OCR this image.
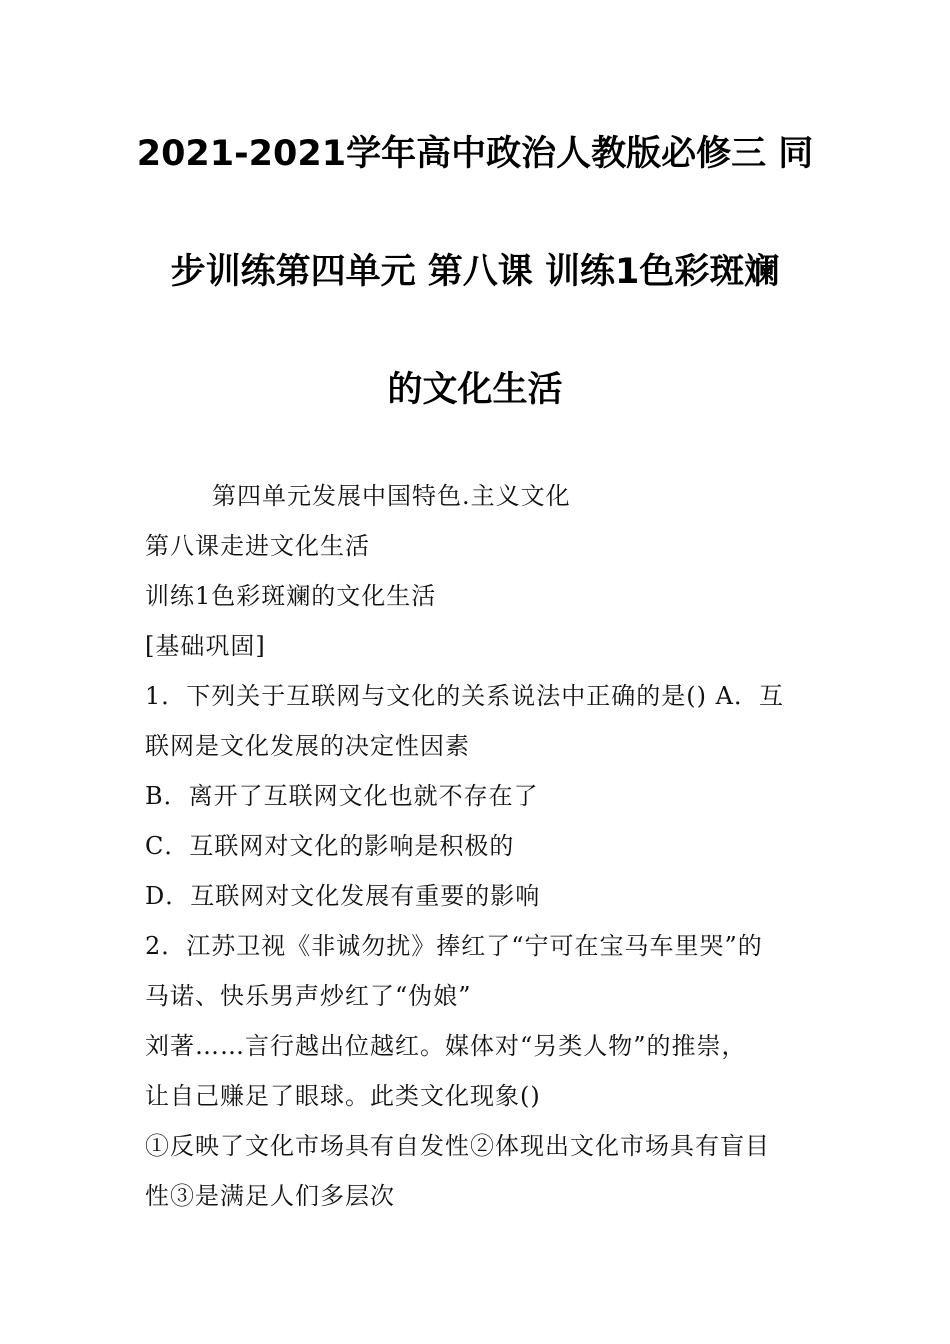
2021-2021学年高中政治人教版必修三 同
步训练第四单元 第八课 训练1色彩斑斓
的文化生活
第四单元发展中国特色.主义文化
第八课走进文化生活
训练1色彩斑斓的文化生活
[基础巩固]
1．下列关于互联网与文化的关系说法中正确的是() A．互
联网是文化发展的决定性因素
B．离开了互联网文化也就不存在了
C．互联网对文化的影响是积极的
D．互联网对文化发展有重要的影响
2．江苏卫视《非诚勿扰》捧红了“宁可在宝马车里哭”的
马诺、快乐男声炒红了“伪娘”
刘著……言行越出位越红。媒体对“另类人物”的推崇，
让自己赚足了眼球。此类文化现象()
①反映了文化市场具有自发性②体现出文化市场具有盲目
性③是满足人们多层次
